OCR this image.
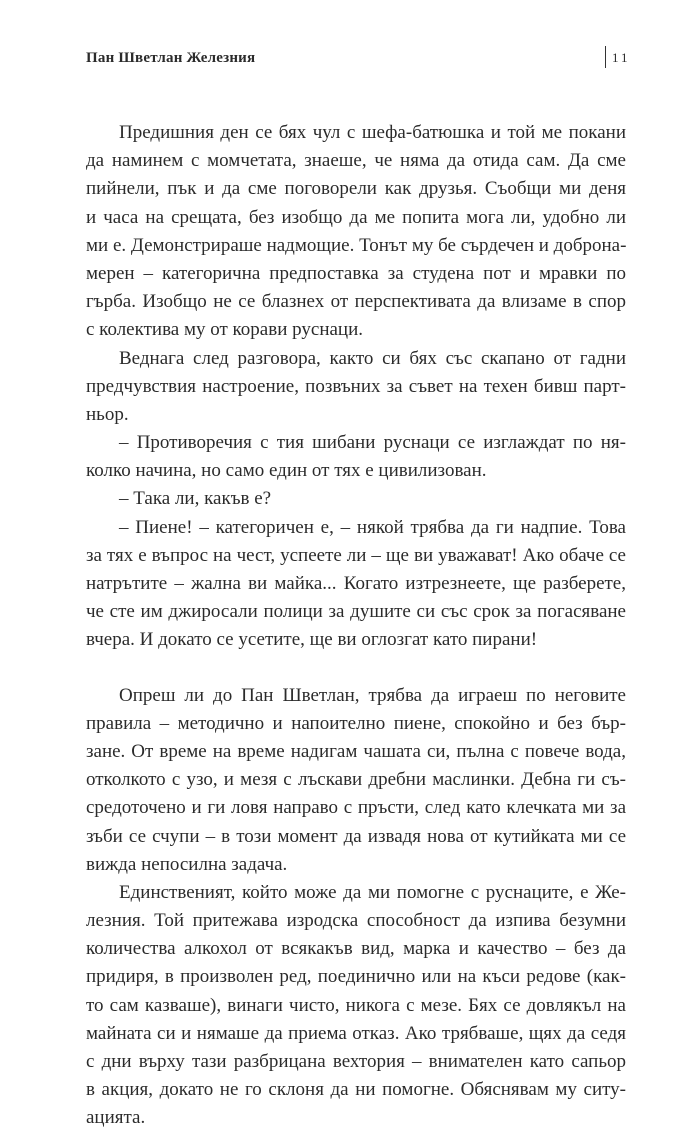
Пан Шветлан Железния	11
Предишния ден се бях чул с шефа-батюшка и той ме покани
да наминем с момчетата, знаеше, че няма да отида сам. Да сме
пийнели, пък и да сме поговорели как друзья. Съобщи ми деня
и часа на срещата, без изобщо да ме попита мога ли, удобно ли
ми е. Демонстрираше надмощие. Тонът му бе сърдечен и доброна-
мерен – категорична предпоставка за студена пот и мравки по
гърба. Изобщо не се блазнех от перспективата да влизаме в спор
с колектива му от корави руснаци.
Веднага след разговора, както си бях със скапано от гадни
предчувствия настроение, позвъних за съвет на техен бивш парт-
ньор.
– Противоречия с тия шибани руснаци се изглаждат по ня-
колко начина, но само един от тях е цивилизован.
– Така ли, какъв е?
– Пиене! – категоричен е, – някой трябва да ги надпие. Това
за тях е въпрос на чест, успеете ли – ще ви уважават! Ако обаче се
натрътите – жална ви майка... Когато изтрезнеете, ще разберете,
че сте им джиросали полици за душите си със срок за погасяване
вчера. И докато се усетите, ще ви оглозгат като пирани!
Опреш ли до Пан Шветлан, трябва да играеш по неговите
правила – методично и напоително пиене, спокойно и без бър-
зане. От време на време надигам чашата си, пълна с повече вода,
отколкото с узо, и мезя с лъскави дребни маслинки. Дебна ги съ-
средоточено и ги ловя направо с пръсти, след като клечката ми за
зъби се счупи – в този момент да извадя нова от кутийката ми се
вижда непосилна задача.
Единственият, който може да ми помогне с руснаците, е Же-
лезния. Той притежава изродска способност да изпива безумни
количества алкохол от всякакъв вид, марка и качество – без да
придиря, в произволен ред, поединично или на къси редове (как-
то сам казваше), винаги чисто, никога с мезе. Бях се довлякъл на
майната си и нямаше да приема отказ. Ако трябваше, щях да седя
с дни върху тази разбрицана вехтория – внимателен като сапьор
в акция, докато не го склоня да ни помогне. Обяснявам му ситу-
ацията.
